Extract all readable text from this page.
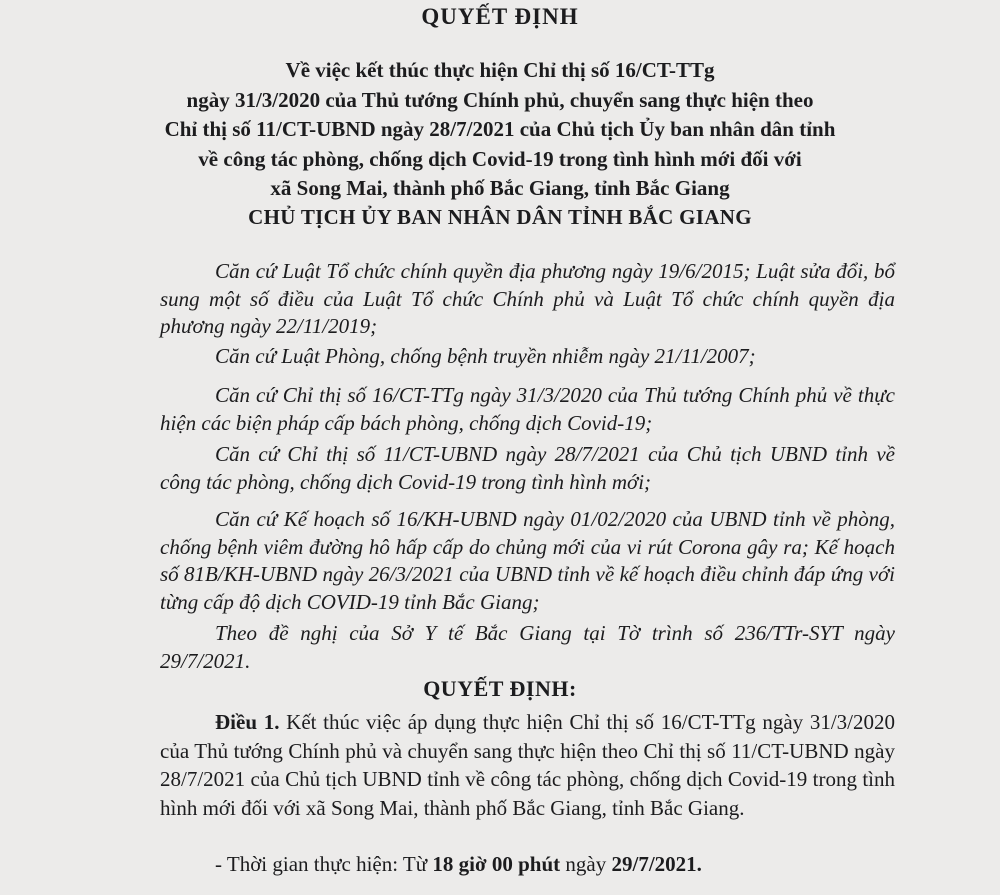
QUYẾT ĐỊNH
Về việc kết thúc thực hiện Chỉ thị số 16/CT-TTg
ngày 31/3/2020 của Thủ tướng Chính phủ, chuyển sang thực hiện theo
Chỉ thị số 11/CT-UBND ngày 28/7/2021 của Chủ tịch Ủy ban nhân dân tỉnh
về công tác phòng, chống dịch Covid-19 trong tình hình mới đối với
xã Song Mai, thành phố Bắc Giang, tỉnh Bắc Giang
CHỦ TỊCH ỦY BAN NHÂN DÂN TỈNH BẮC GIANG
Căn cứ Luật Tổ chức chính quyền địa phương ngày 19/6/2015; Luật sửa đổi, bổ sung một số điều của Luật Tổ chức Chính phủ và Luật Tổ chức chính quyền địa phương ngày 22/11/2019;
Căn cứ Luật Phòng, chống bệnh truyền nhiễm ngày 21/11/2007;
Căn cứ Chỉ thị số 16/CT-TTg ngày 31/3/2020 của Thủ tướng Chính phủ về thực hiện các biện pháp cấp bách phòng, chống dịch Covid-19;
Căn cứ Chỉ thị số 11/CT-UBND ngày 28/7/2021 của Chủ tịch UBND tỉnh về công tác phòng, chống dịch Covid-19 trong tình hình mới;
Căn cứ Kế hoạch số 16/KH-UBND ngày 01/02/2020 của UBND tỉnh về phòng, chống bệnh viêm đường hô hấp cấp do chủng mới của vi rút Corona gây ra; Kế hoạch số 81B/KH-UBND ngày 26/3/2021 của UBND tỉnh về kế hoạch điều chỉnh đáp ứng với từng cấp độ dịch COVID-19 tỉnh Bắc Giang;
Theo đề nghị của Sở Y tế Bắc Giang tại Tờ trình số 236/TTr-SYT ngày 29/7/2021.
QUYẾT ĐỊNH:
Điều 1. Kết thúc việc áp dụng thực hiện Chỉ thị số 16/CT-TTg ngày 31/3/2020 của Thủ tướng Chính phủ và chuyển sang thực hiện theo Chỉ thị số 11/CT-UBND ngày 28/7/2021 của Chủ tịch UBND tỉnh về công tác phòng, chống dịch Covid-19 trong tình hình mới đối với xã Song Mai, thành phố Bắc Giang, tỉnh Bắc Giang.
- Thời gian thực hiện: Từ 18 giờ 00 phút ngày 29/7/2021.
